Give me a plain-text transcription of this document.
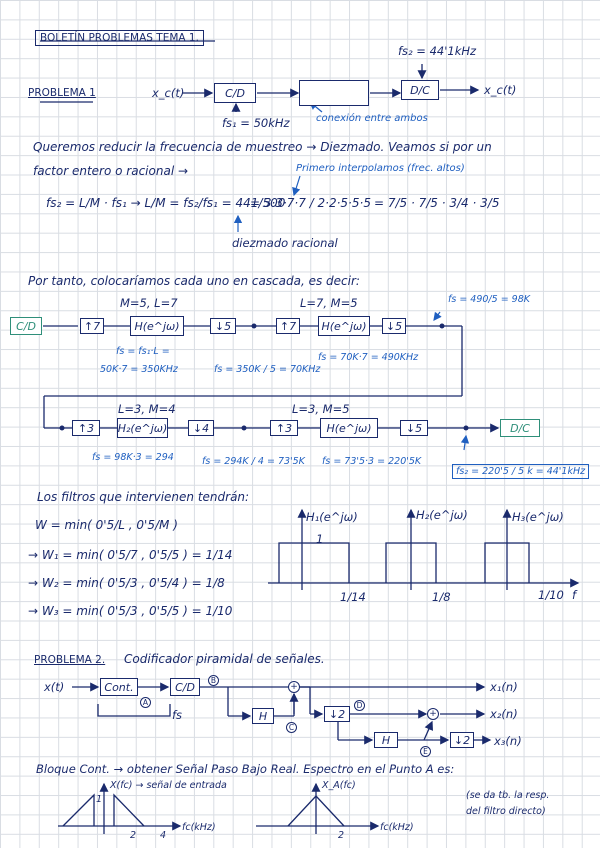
BOLETÍN PROBLEMAS TEMA 1.
PROBLEMA 1	x_c(t)	C/D	D/C	x_c(t)
fs₂ = 44'1kHz
fs₁ = 50kHz	conexión entre ambos
Queremos reducir la frecuencia de muestreo → Diezmado. Veamos si por un
factor entero o racional →	Primero interpolamos (frec. altos)
fs₂ = L/M · fs₁ → L/M = fs₂/fs₁ = 441/500
= 3·3·7·7 / 2·2·5·5·5 = 7/5 · 7/5 · 3/4 · 3/5
diezmado racional
Por tanto, colocaríamos cada uno en cascada, es decir:
C/D	↑7	H(e^jω)	↓5	↑7	H(e^jω)	↓5
M=5, L=7	L=7, M=5
fs = fs₁·L =
50K·7 = 350KHz	fs = 350K / 5 = 70KHz
fs = 70K·7 = 490KHz
fs = 490/5 = 98K
↑3	H₂(e^jω)	↓4	↑3	H(e^jω)	↓5	D/C
L=3, M=4	L=3, M=5
fs = 98K·3 = 294	fs = 294K / 4 = 73'5K fs = 73'5·3 = 220'5K
fs₂ = 220'5 / 5 k = 44'1kHz
Los filtros que intervienen tendrán:
W = min( 0'5/L , 0'5/M )
→ W₁ = min( 0'5/7 , 0'5/5 ) = 1/14
→ W₂ = min( 0'5/3 , 0'5/4 ) = 1/8
→ W₃ = min( 0'5/3 , 0'5/5 ) = 1/10
H₁(e^jω)	H₂(e^jω)	H₃(e^jω)
1
1/14	1/8	1/10 f
PROBLEMA 2. Codificador piramidal de señales.
x(t)	Cont.	C/D
fs	H	↓2
H	↓2
+
+
x₁(n)
x₂(n)
x₃(n)
A
B
C
D
E
Bloque Cont. → obtener Señal Paso Bajo Real. Espectro en el Punto A es:
X(fc) → señal de entrada
1
2	4
fc(kHz)
X_A(fc)
2
fc(kHz)
(se da tb. la resp.
del filtro directo)
